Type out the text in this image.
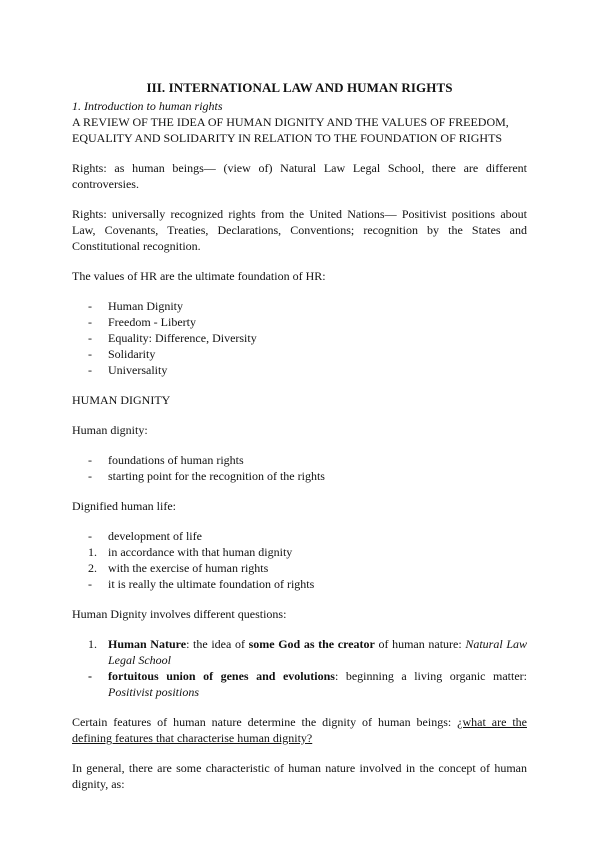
III. INTERNATIONAL LAW AND HUMAN RIGHTS
1. Introduction to human rights
A REVIEW OF THE IDEA OF HUMAN DIGNITY AND THE VALUES OF FREEDOM, EQUALITY AND SOLIDARITY IN RELATION TO THE FOUNDATION OF RIGHTS

Rights: as human beings— (view of) Natural Law Legal School, there are different controversies.

Rights: universally recognized rights from the United Nations— Positivist positions about Law, Covenants, Treaties, Declarations, Conventions; recognition by the States and Constitutional recognition.

The values of HR are the ultimate foundation of HR:

-	Human Dignity
-	Freedom - Liberty
-	Equality: Difference, Diversity
-	Solidarity
-	Universality
HUMAN DIGNITY

Human dignity:

-	foundations of human rights
-	starting point for the recognition of the rights

Dignified human life:

-	development of life
1. in accordance with that human dignity
2. with the exercise of human rights
-	it is really the ultimate foundation of rights

Human Dignity involves different questions:

1. Human Nature: the idea of some God as the creator of human nature: Natural Law Legal School
-	fortuitous union of genes and evolutions: beginning a living organic matter: Positivist positions

Certain features of human nature determine the dignity of human beings: ¿what are the defining features that characterise human dignity?

In general, there are some characteristic of human nature involved in the concept of human dignity, as:
